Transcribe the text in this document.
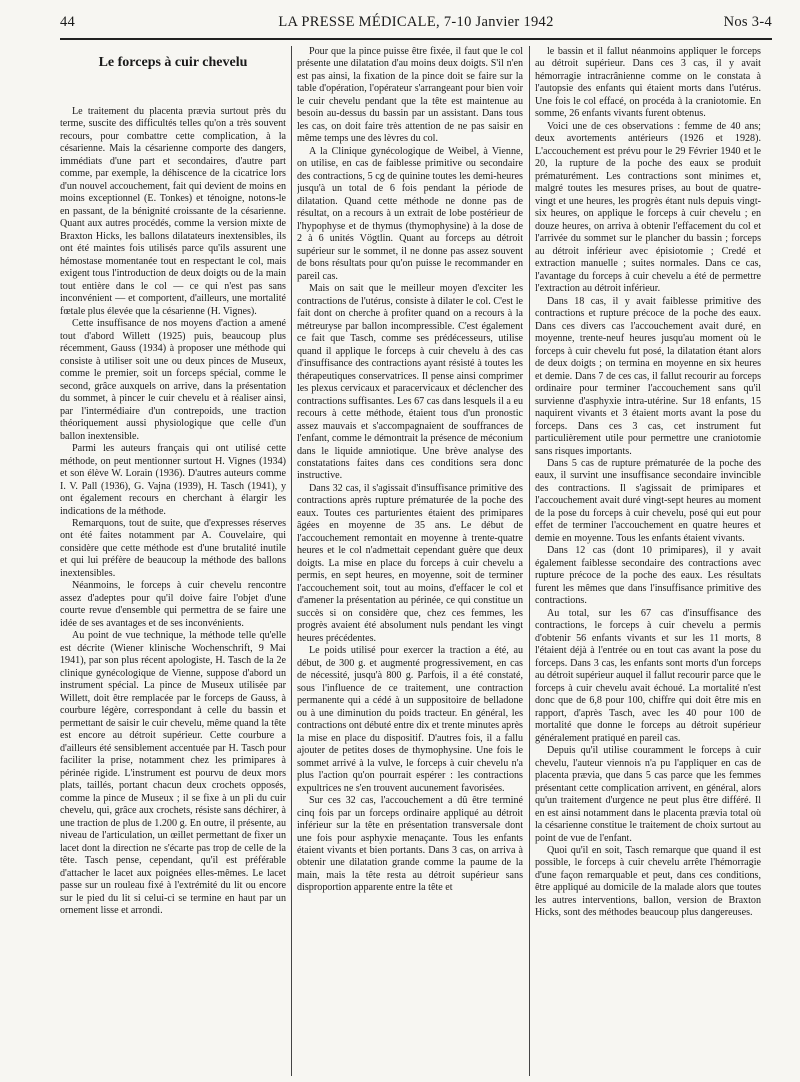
44	LA PRESSE MÉDICALE, 7-10 Janvier 1942	Nos 3-4

Le forceps à cuir chevelu

Le traitement du placenta prævia surtout près du terme, suscite des difficultés telles qu'on a très souvent recours, pour combattre cette complication, à la césarienne. Mais la césarienne comporte des dangers, immédiats d'une part et secondaires, d'autre part comme, par exemple, la déhiscence de la cicatrice lors d'un nouvel accouchement, fait qui devient de moins en moins exceptionnel (E. Tonkes) et ténoigne, notons-le en passant, de la bénignité croissante de la césarienne. Quant aux autres procédés, comme la version mixte de Braxton Hicks, les ballons dilatateurs inextensibles, ils ont été maintes fois utilisés parce qu'ils assurent une hémostase momentanée tout en respectant le col, mais exigent tous l'introduction de deux doigts ou de la main tout entière dans le col — ce qui n'est pas sans inconvénient — et comportent, d'ailleurs, une mortalité fœtale plus élevée que la césarienne (H. Vignes).

Cette insuffisance de nos moyens d'action a amené tout d'abord Willett (1925) puis, beaucoup plus récemment, Gauss (1934) à proposer une méthode qui consiste à utiliser soit une ou deux pinces de Museux, comme le premier, soit un forceps spécial, comme le second, grâce auxquels on arrive, dans la présentation du sommet, à pincer le cuir chevelu et à réaliser ainsi, par l'intermédiaire d'un contrepoids, une traction théoriquement aussi physiologique que celle d'un ballon inextensible.

Parmi les auteurs français qui ont utilisé cette méthode, on peut mentionner surtout H. Vignes (1934) et son élève W. Lorain (1936). D'autres auteurs comme I. V. Pall (1936), G. Vajna (1939), H. Tasch (1941), y ont également recours en cherchant à élargir les indications de la méthode.

Remarquons, tout de suite, que d'expresses réserves ont été faites notamment par A. Couvelaire, qui considère que cette méthode est d'une brutalité inutile et qui lui préfère de beaucoup la méthode des ballons inextensibles.

Néanmoins, le forceps à cuir chevelu rencontre assez d'adeptes pour qu'il doive faire l'objet d'une courte revue d'ensemble qui permettra de se faire une idée de ses avantages et de ses inconvénients.

Au point de vue technique, la méthode telle qu'elle est décrite (Wiener klinische Wochenschrift, 9 Mai 1941), par son plus récent apologiste, H. Tasch de la 2e clinique gynécologique de Vienne, suppose d'abord un instrument spécial. La pince de Museux utilisée par Willett, doit être remplacée par le forceps de Gauss, à courbure légère, correspondant à celle du bassin et permettant de saisir le cuir chevelu, même quand la tête est encore au détroit supérieur. Cette courbure a d'ailleurs été sensiblement accentuée par H. Tasch pour faciliter la prise, notamment chez les primipares à périnée rigide. L'instrument est pourvu de deux mors plats, taillés, portant chacun deux crochets opposés, comme la pince de Museux ; il se fixe à un pli du cuir chevelu, qui, grâce aux crochets, résiste sans déchirer, à une traction de plus de 1.200 g. En outre, il présente, au niveau de l'articulation, un œillet permettant de fixer un lacet dont la direction ne s'écarte pas trop de celle de la tête. Tasch pense, cependant, qu'il est préférable d'attacher le lacet aux poignées elles-mêmes. Le lacet passe sur un rouleau fixé à l'extrémité du lit ou encore sur le pied du lit si celui-ci se termine en haut par un ornement lisse et arrondi.

Pour que la pince puisse être fixée, il faut que le col présente une dilatation d'au moins deux doigts. S'il n'en est pas ainsi, la fixation de la pince doit se faire sur la table d'opération, l'opérateur s'arrangeant pour bien voir le cuir chevelu pendant que la tête est maintenue au besoin au-dessus du bassin par un assistant. Dans tous les cas, on doit faire très attention de ne pas saisir en même temps une des lèvres du col.

A la Clinique gynécologique de Weibel, à Vienne, on utilise, en cas de faiblesse primitive ou secondaire des contractions, 5 cg de quinine toutes les demi-heures jusqu'à un total de 6 fois pendant la période de dilatation. Quand cette méthode ne donne pas de résultat, on a recours à un extrait de lobe postérieur de l'hypophyse et de thymus (thymophysine) à la dose de 2 à 6 unités Vögtlin. Quant au forceps au détroit supérieur sur le sommet, il ne donne pas assez souvent de bons résultats pour qu'on puisse le recommander en pareil cas.

Mais on sait que le meilleur moyen d'exciter les contractions de l'utérus, consiste à dilater le col. C'est le fait dont on cherche à profiter quand on a recours à la métreuryse par ballon incompressible. C'est également ce fait que Tasch, comme ses prédécesseurs, utilise quand il applique le forceps à cuir chevelu à des cas d'insuffisance des contractions ayant résisté à toutes les thérapeutiques conservatrices. Il pense ainsi comprimer les plexus cervicaux et paracervicaux et déclencher des contractions suffisantes. Les 67 cas dans lesquels il a eu recours à cette méthode, étaient tous d'un pronostic assez mauvais et s'accompagnaient de souffrances de l'enfant, comme le démontrait la présence de méconium dans le liquide amniotique. Une brève analyse des constatations faites dans ces conditions sera donc instructive.

Dans 32 cas, il s'agissait d'insuffisance primitive des contractions après rupture prématurée de la poche des eaux. Toutes ces parturientes étaient des primipares âgées en moyenne de 35 ans. Le début de l'accouchement remontait en moyenne à trente-quatre heures et le col n'admettait cependant guère que deux doigts. La mise en place du forceps à cuir chevelu a permis, en sept heures, en moyenne, soit de terminer l'accouchement soit, tout au moins, d'effacer le col et d'amener la présentation au périnée, ce qui constitue un succès si on considère que, chez ces femmes, les progrès avaient été absolument nuls pendant les vingt heures précédentes.

Le poids utilisé pour exercer la traction a été, au début, de 300 g. et augmenté progressivement, en cas de nécessité, jusqu'à 800 g. Parfois, il a été constaté, sous l'influence de ce traitement, une contraction permanente qui a cédé à un suppositoire de belladone ou à une diminution du poids tracteur. En général, les contractions ont débuté entre dix et trente minutes après la mise en place du dispositif. D'autres fois, il a fallu ajouter de petites doses de thymophysine. Une fois le sommet arrivé à la vulve, le forceps à cuir chevelu n'a plus l'action qu'on pourrait espérer : les contractions expultrices ne s'en trouvent aucunement favorisées.

Sur ces 32 cas, l'accouchement a dû être terminé cinq fois par un forceps ordinaire appliqué au détroit inférieur sur la tête en présentation transversale dont une fois pour asphyxie menaçante. Tous les enfants étaient vivants et bien portants. Dans 3 cas, on arriva à obtenir une dilatation grande comme la paume de la main, mais la tête resta au détroit supérieur sans disproportion apparente entre la tête et

le bassin et il fallut néanmoins appliquer le forceps au détroit supérieur. Dans ces 3 cas, il y avait hémorragie intracrânienne comme on le constata à l'autopsie des enfants qui étaient morts dans l'utérus. Une fois le col effacé, on procéda à la craniotomie. En somme, 26 enfants vivants furent obtenus.

Voici une de ces observations : femme de 40 ans; deux avortements antérieurs (1926 et 1928). L'accouchement est prévu pour le 29 Février 1940 et le 20, la rupture de la poche des eaux se produit prématurément. Les contractions sont minimes et, malgré toutes les mesures prises, au bout de quatre-vingt et une heures, les progrès étant nuls depuis vingt-six heures, on applique le forceps à cuir chevelu ; en douze heures, on arriva à obtenir l'effacement du col et l'arrivée du sommet sur le plancher du bassin ; forceps au détroit inférieur avec épisiotomie ; Credé et extraction manuelle ; suites normales. Dans ce cas, l'avantage du forceps à cuir chevelu a été de permettre l'extraction au détroit inférieur.

Dans 18 cas, il y avait faiblesse primitive des contractions et rupture précoce de la poche des eaux. Dans ces divers cas l'accouchement avait duré, en moyenne, trente-neuf heures jusqu'au moment où le forceps à cuir chevelu fut posé, la dilatation étant alors de deux doigts ; on termina en moyenne en six heures et demie. Dans 7 de ces cas, il fallut recourir au forceps ordinaire pour terminer l'accouchement sans qu'il survienne d'asphyxie intra-utérine. Sur 18 enfants, 15 naquirent vivants et 3 étaient morts avant la pose du forceps. Dans ces 3 cas, cet instrument fut particulièrement utile pour permettre une craniotomie sans risques importants.

Dans 5 cas de rupture prématurée de la poche des eaux, il survint une insuffisance secondaire invincible des contractions. Il s'agissait de primipares et l'accouchement avait duré vingt-sept heures au moment de la pose du forceps à cuir chevelu, posé qui eut pour effet de terminer l'accouchement en quatre heures et demie en moyenne. Tous les enfants étaient vivants.

Dans 12 cas (dont 10 primipares), il y avait également faiblesse secondaire des contractions avec rupture précoce de la poche des eaux. Les résultats furent les mêmes que dans l'insuffisance primitive des contractions.

Au total, sur les 67 cas d'insuffisance des contractions, le forceps à cuir chevelu a permis d'obtenir 56 enfants vivants et sur les 11 morts, 8 l'étaient déjà à l'entrée ou en tout cas avant la pose du forceps. Dans 3 cas, les enfants sont morts d'un forceps au détroit supérieur auquel il fallut recourir parce que le forceps à cuir chevelu avait échoué. La mortalité n'est donc que de 6,8 pour 100, chiffre qui doit être mis en rapport, d'après Tasch, avec les 40 pour 100 de mortalité que donne le forceps au détroit supérieur généralement pratiqué en pareil cas.

Depuis qu'il utilise couramment le forceps à cuir chevelu, l'auteur viennois n'a pu l'appliquer en cas de placenta prævia, que dans 5 cas parce que les femmes présentant cette complication arrivent, en général, alors qu'un traitement d'urgence ne peut plus être différé. Il en est ainsi notamment dans le placenta prævia total où la césarienne constitue le traitement de choix surtout au point de vue de l'enfant.

Quoi qu'il en soit, Tasch remarque que quand il est possible, le forceps à cuir chevelu arrête l'hémorragie d'une façon remarquable et peut, dans ces conditions, être appliqué au domicile de la malade alors que toutes les autres interventions, ballon, version de Braxton Hicks, sont des méthodes beaucoup plus dangereuses.
